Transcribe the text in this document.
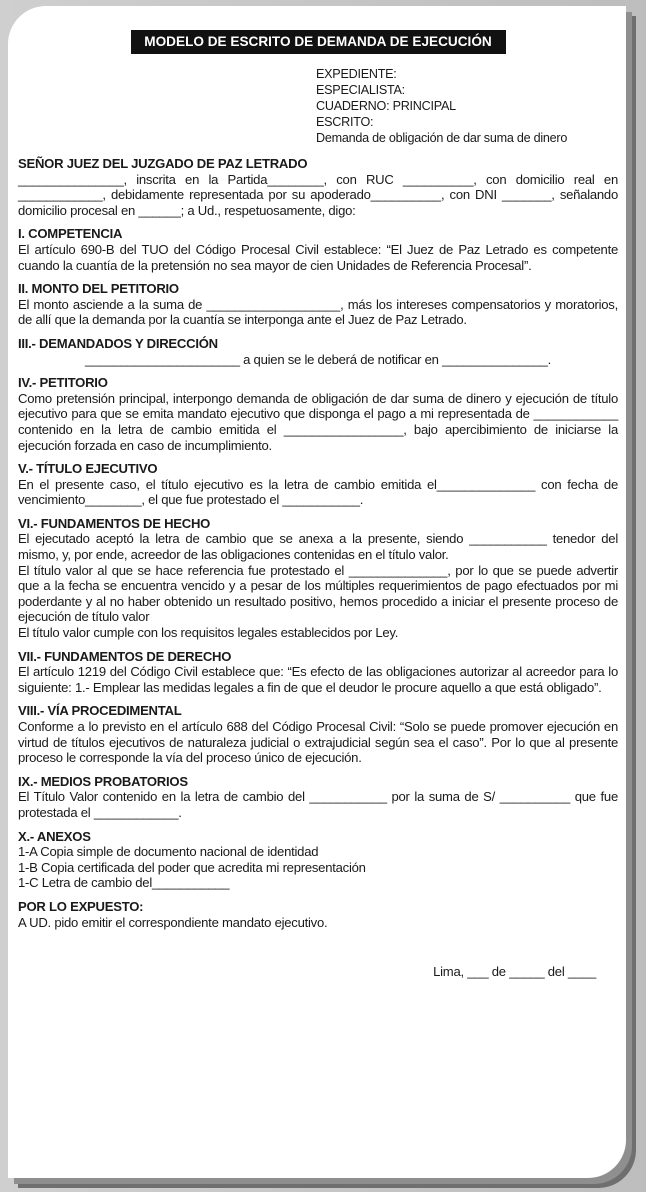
MODELO DE ESCRITO DE DEMANDA DE EJECUCIÓN
EXPEDIENTE:
ESPECIALISTA:
CUADERNO: PRINCIPAL
ESCRITO:
Demanda de obligación de dar suma de dinero
SEÑOR JUEZ DEL JUZGADO DE PAZ LETRADO
_______________, inscrita en la Partida________, con RUC __________, con domicilio real en ____________, debidamente representada por su apoderado__________, con DNI _______, señalando domicilio procesal en ______; a Ud., respetuosamente, digo:
I. COMPETENCIA
El artículo 690-B del TUO del Código Procesal Civil establece: “El Juez de Paz Letrado es competente cuando la cuantía de la pretensión no sea mayor de cien Unidades de Referencia Procesal”.
II. MONTO DEL PETITORIO
El monto asciende a la suma de ___________________, más los intereses compensatorios y moratorios, de allí que la demanda por la cuantía se interponga ante el Juez de Paz Letrado.
III.- DEMANDADOS Y DIRECCIÓN
______________________ a quien se le deberá de notificar en _______________.
IV.- PETITORIO
Como pretensión principal, interpongo demanda de obligación de dar suma de dinero y ejecución de título ejecutivo para que se emita mandato ejecutivo que disponga el pago a mi representada de ____________ contenido en la letra de cambio emitida el _________________, bajo apercibimiento de iniciarse la ejecución forzada en caso de incumplimiento.
V.- TÍTULO EJECUTIVO
En el presente caso, el título ejecutivo es la letra de cambio emitida el______________ con fecha de vencimiento________, el que fue protestado el ___________.
VI.- FUNDAMENTOS DE HECHO
El ejecutado aceptó la letra de cambio que se anexa a la presente, siendo ___________ tenedor del mismo, y, por ende, acreedor de las obligaciones contenidas en el título valor.
El título valor al que se hace referencia fue protestado el ______________, por lo que se puede advertir que a la fecha se encuentra vencido y a pesar de los múltiples requerimientos de pago efectuados por mi poderdante y al no haber obtenido un resultado positivo, hemos procedido a iniciar el presente proceso de ejecución de título valor
El título valor cumple con los requisitos legales establecidos por Ley.
VII.- FUNDAMENTOS DE DERECHO
El artículo 1219 del Código Civil establece que: “Es efecto de las obligaciones autorizar al acreedor para lo siguiente: 1.- Emplear las medidas legales a fin de que el deudor le procure aquello a que está obligado”.
VIII.- VÍA PROCEDIMENTAL
Conforme a lo previsto en el artículo 688 del Código Procesal Civil: “Solo se puede promover ejecución en virtud de títulos ejecutivos de naturaleza judicial o extrajudicial según sea el caso”. Por lo que al presente proceso le corresponde la vía del proceso único de ejecución.
IX.- MEDIOS PROBATORIOS
El Título Valor contenido en la letra de cambio del ___________ por la suma de S/ __________ que fue protestada el ____________.
X.- ANEXOS
1-A Copia simple de documento nacional de identidad
1-B Copia certificada del poder que acredita mi representación
1-C Letra de cambio del___________
POR LO EXPUESTO:
A UD. pido emitir el correspondiente mandato ejecutivo.
Lima, ___ de _____ del ____
